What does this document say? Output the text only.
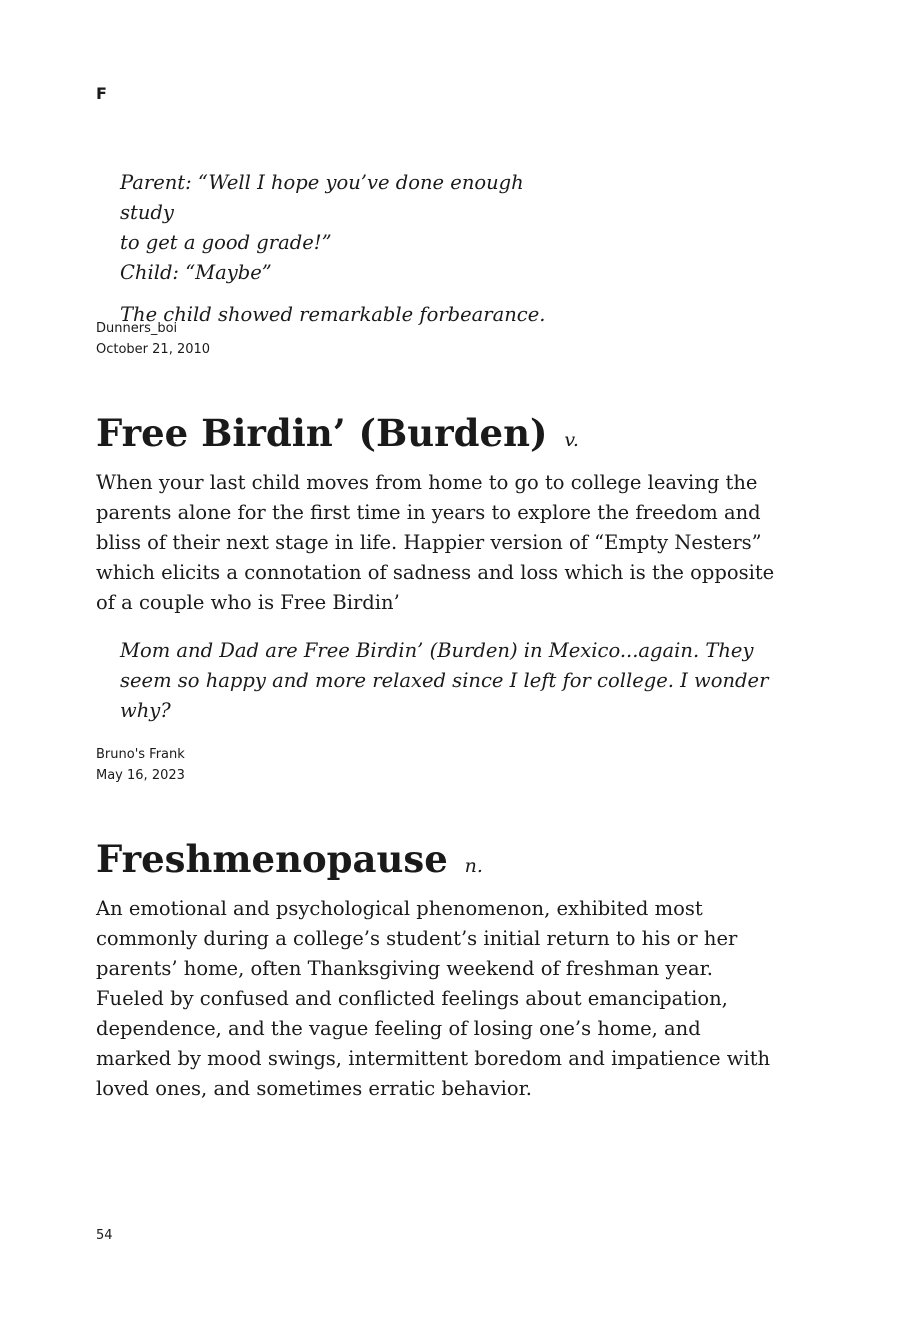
F

Parent: “Well I hope you’ve done enough study

to get a good grade!”

Child: “Maybe”

The child showed remarkable forbearance.

Dunners_boi
October 21, 2010
Free Birdin’ (Burden) v.

When your last child moves from home to go to college leaving the parents alone for the first time in years to explore the freedom and bliss of their next stage in life. Happier version of “Empty Nesters” which elicits a connotation of sadness and loss which is the opposite of a couple who is Free Birdin’

Mom and Dad are Free Birdin’ (Burden) in Mexico...again. They seem so happy and more relaxed since I left for college. I wonder why?

Bruno's Frank
May 16, 2023
Freshmenopause n.

An emotional and psychological phenomenon, exhibited most commonly during a college’s student’s initial return to his or her parents’ home, often Thanksgiving weekend of freshman year. Fueled by confused and conflicted feelings about emancipation, dependence, and the vague feeling of losing one’s home, and marked by mood swings, intermittent boredom and impatience with loved ones, and sometimes erratic behavior.

54
